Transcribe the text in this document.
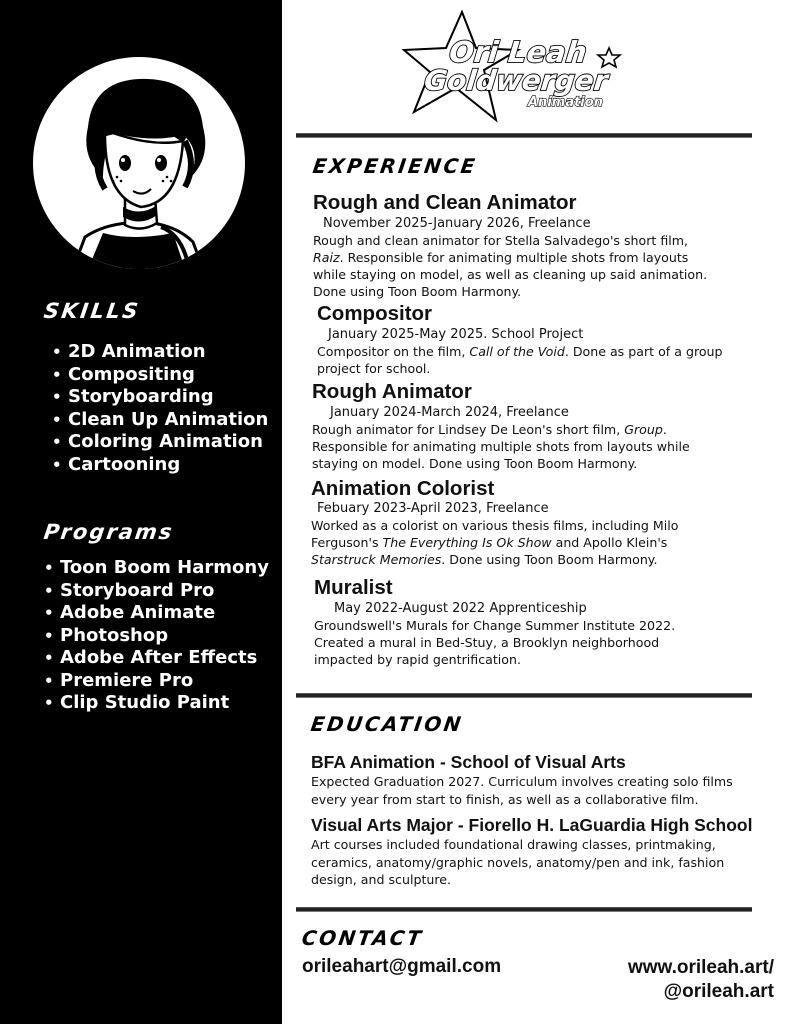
SKILLS
• 2D Animation
• Compositing
• Storyboarding
• Clean Up Animation
• Coloring Animation
• Cartooning
Programs
• Toon Boom Harmony
• Storyboard Pro
• Adobe Animate
• Photoshop
• Adobe After Effects
• Premiere Pro
• Clip Studio Paint
Ori Leah
Goldwerger
Animation
EXPERIENCE
Rough and Clean Animator
November 2025-January 2026, Freelance
Rough and clean animator for Stella Salvadego's short film,
Raiz. Responsible for animating multiple shots from layouts
while staying on model, as well as cleaning up said animation.
Done using Toon Boom Harmony.
Compositor
January 2025-May 2025. School Project
Compositor on the film, Call of the Void. Done as part of a group
project for school.
Rough Animator
January 2024-March 2024, Freelance
Rough animator for Lindsey De Leon's short film, Group.
Responsible for animating multiple shots from layouts while
staying on model. Done using Toon Boom Harmony.
Animation Colorist
Febuary 2023-April 2023, Freelance
Worked as a colorist on various thesis films, including Milo
Ferguson's The Everything Is Ok Show and Apollo Klein's
Starstruck Memories. Done using Toon Boom Harmony.
Muralist
May 2022-August 2022 Apprenticeship
Groundswell's Murals for Change Summer Institute 2022.
Created a mural in Bed-Stuy, a Brooklyn neighborhood
impacted by rapid gentrification.
EDUCATION
BFA Animation - School of Visual Arts
Expected Graduation 2027. Curriculum involves creating solo films
every year from start to finish, as well as a collaborative film.
Visual Arts Major - Fiorello H. LaGuardia High School
Art courses included foundational drawing classes, printmaking,
ceramics, anatomy/graphic novels, anatomy/pen and ink, fashion
design, and sculpture.
CONTACT
orileahart@gmail.com	www.orileah.art/
@orileah.art
